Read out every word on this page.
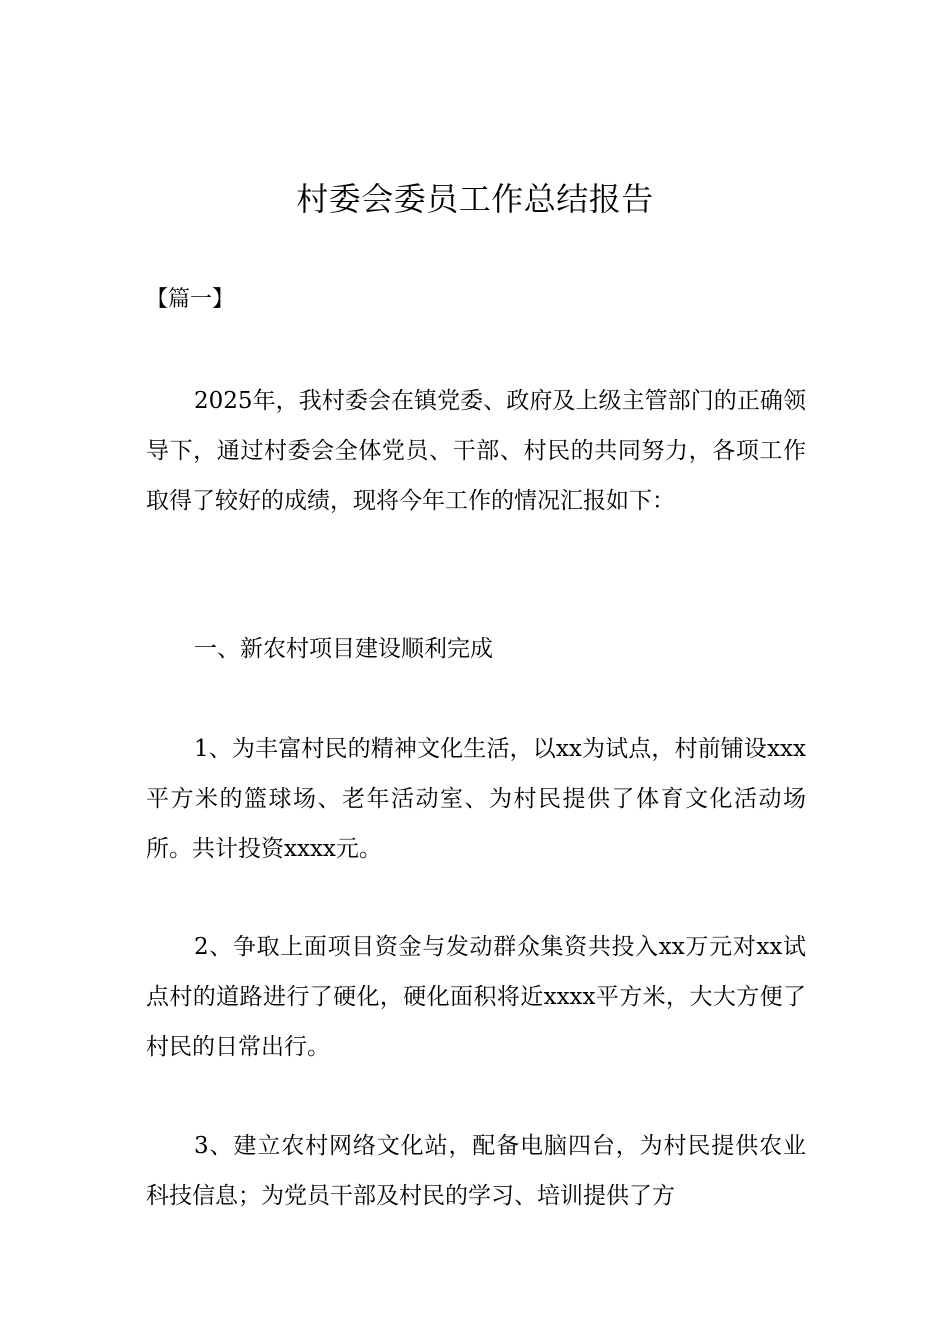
村委会委员工作总结报告
【篇一】

2025年，我村委会在镇党委、政府及上级主管部门的正确领导下，通过村委会全体党员、干部、村民的共同努力，各项工作取得了较好的成绩，现将今年工作的情况汇报如下：

一、新农村项目建设顺利完成

1、为丰富村民的精神文化生活，以xx为试点，村前铺设xxx平方米的篮球场、老年活动室、为村民提供了体育文化活动场所。共计投资xxxx元。

2、争取上面项目资金与发动群众集资共投入xx万元对xx试点村的道路进行了硬化，硬化面积将近xxxx平方米，大大方便了村民的日常出行。

3、建立农村网络文化站，配备电脑四台，为村民提供农业科技信息；为党员干部及村民的学习、培训提供了方
